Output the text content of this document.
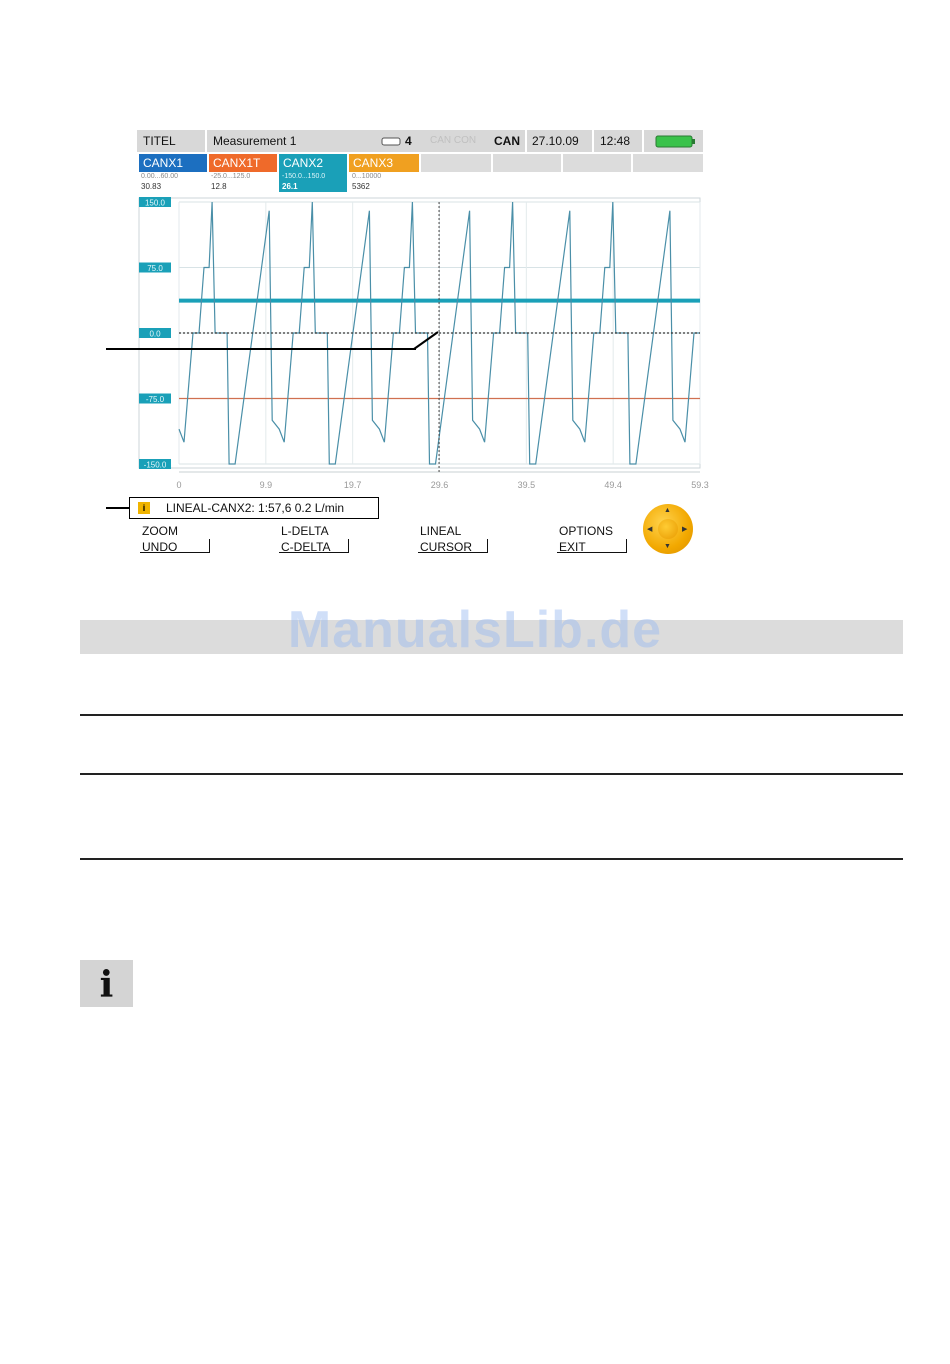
TITEL	Measurement 1	4 CAN CON CAN 27.10.09 12:48
CANX1	CANX1T	CANX2	CANX3
0.00...60.00	-25.0...125.0	-150.0...150.0	0...10000
30.83	12.8	26.1	5362
150.0
75.0
0.0
-75.0
-150.0
0	9.9	19.7	29.6	39.5	49.4	59.3
i	LINEAL-CANX2: 1:57,6 0.2 L/min
ZOOM
UNDO
L-DELTA
C-DELTA
LINEAL
CURSOR
OPTIONS
EXIT
▲
▼
◀	▶
ManualsLib.de
i
